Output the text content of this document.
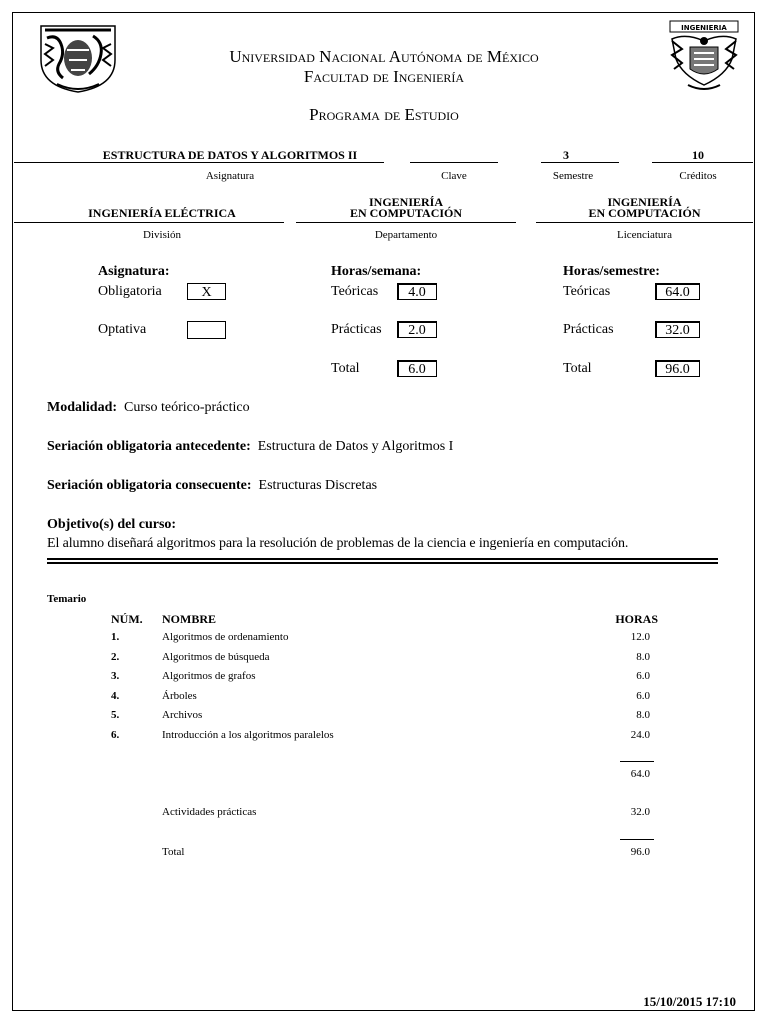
INGENIERIA
Universidad Nacional Autónoma de México
Facultad de Ingeniería
Programa de Estudio
ESTRUCTURA DE DATOS Y ALGORITMOS II
Asignatura	Clave
3
Semestre
10
Créditos
INGENIERÍA ELÉCTRICA
División
INGENIERÍA
EN COMPUTACIÓN
Departamento
INGENIERÍA
EN COMPUTACIÓN
Licenciatura
Asignatura:
Obligatoria	X
Optativa
Horas/semana:
Teóricas	4.0
Prácticas	2.0
Total	6.0
Horas/semestre:
Teóricas	64.0
Prácticas	32.0
Total	96.0
Modalidad: Curso teórico-práctico
Seriación obligatoria antecedente: Estructura de Datos y Algoritmos I
Seriación obligatoria consecuente: Estructuras Discretas
Objetivo(s) del curso:
El alumno diseñará algoritmos para la resolución de problemas de la ciencia e ingeniería en computación.
Temario
NÚM. NOMBRE	HORAS
1.	Algoritmos de ordenamiento	12.0
2.	Algoritmos de búsqueda	8.0
3.	Algoritmos de grafos	6.0
4.	Árboles	6.0
5.	Archivos	8.0
6.	Introducción a los algoritmos paralelos	24.0
64.0
Actividades prácticas	32.0
Total	96.0
15/10/2015 17:10
